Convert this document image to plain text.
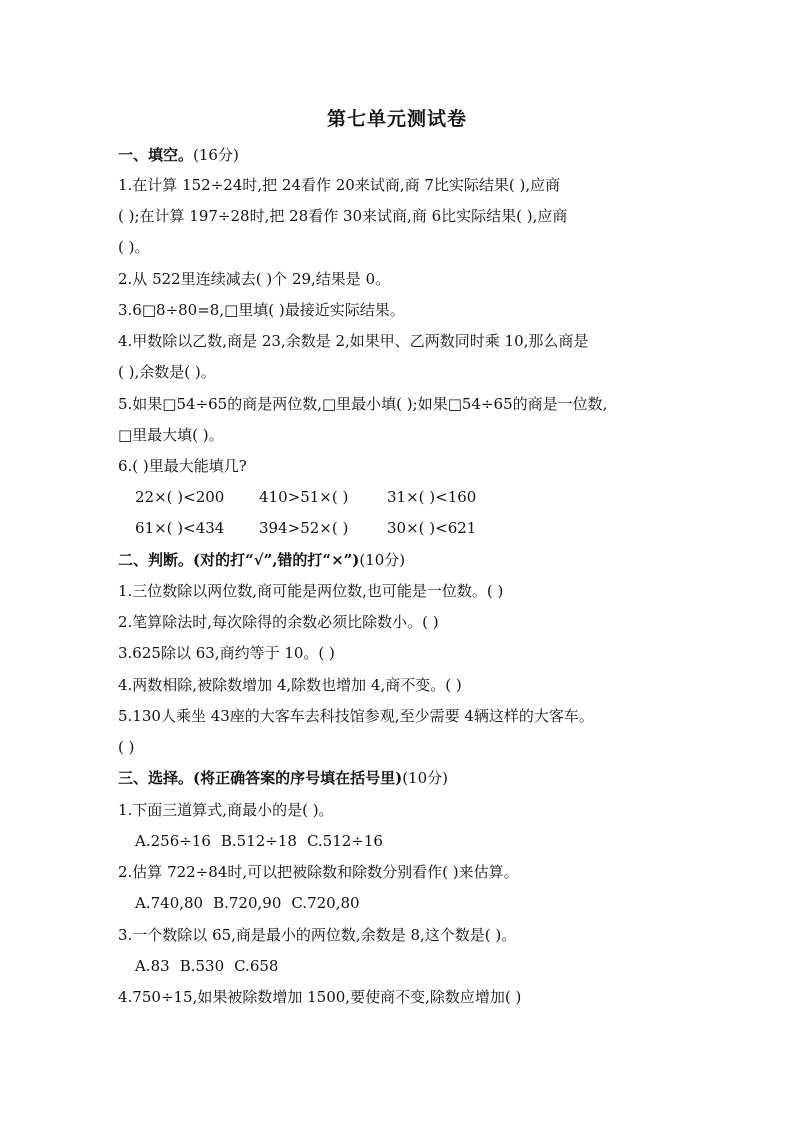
第七单元测试卷
一、填空。(16分)
1.在计算 152÷24时,把 24看作 20来试商,商 7比实际结果( ),应商
( );在计算 197÷28时,把 28看作 30来试商,商 6比实际结果( ),应商
( )。
2.从 522里连续减去( )个 29,结果是 0。
3.6□8÷80=8,□里填( )最接近实际结果。
4.甲数除以乙数,商是 23,余数是 2,如果甲、乙两数同时乘 10,那么商是
( ),余数是( )。
5.如果□54÷65的商是两位数,□里最小填( );如果□54÷65的商是一位数,
□里最大填( )。
6.( )里最大能填几?
22×( )<200 410>51×( )	31×( )<160
61×( )<434 394>52×( )	30×( )<621
二、判断。(对的打“√”,错的打“×”)(10分)
1.三位数除以两位数,商可能是两位数,也可能是一位数。( )
2.笔算除法时,每次除得的余数必须比除数小。( )
3.625除以 63,商约等于 10。( )
4.两数相除,被除数增加 4,除数也增加 4,商不变。( )
5.130人乘坐 43座的大客车去科技馆参观,至少需要 4辆这样的大客车。
( )
三、选择。(将正确答案的序号填在括号里)(10分)
1.下面三道算式,商最小的是( )。
A.256÷16 B.512÷18 C.512÷16
2.估算 722÷84时,可以把被除数和除数分别看作( )来估算。
A.740,80 B.720,90 C.720,80
3.一个数除以 65,商是最小的两位数,余数是 8,这个数是( )。
A.83 B.530 C.658
4.750÷15,如果被除数增加 1500,要使商不变,除数应增加( )
